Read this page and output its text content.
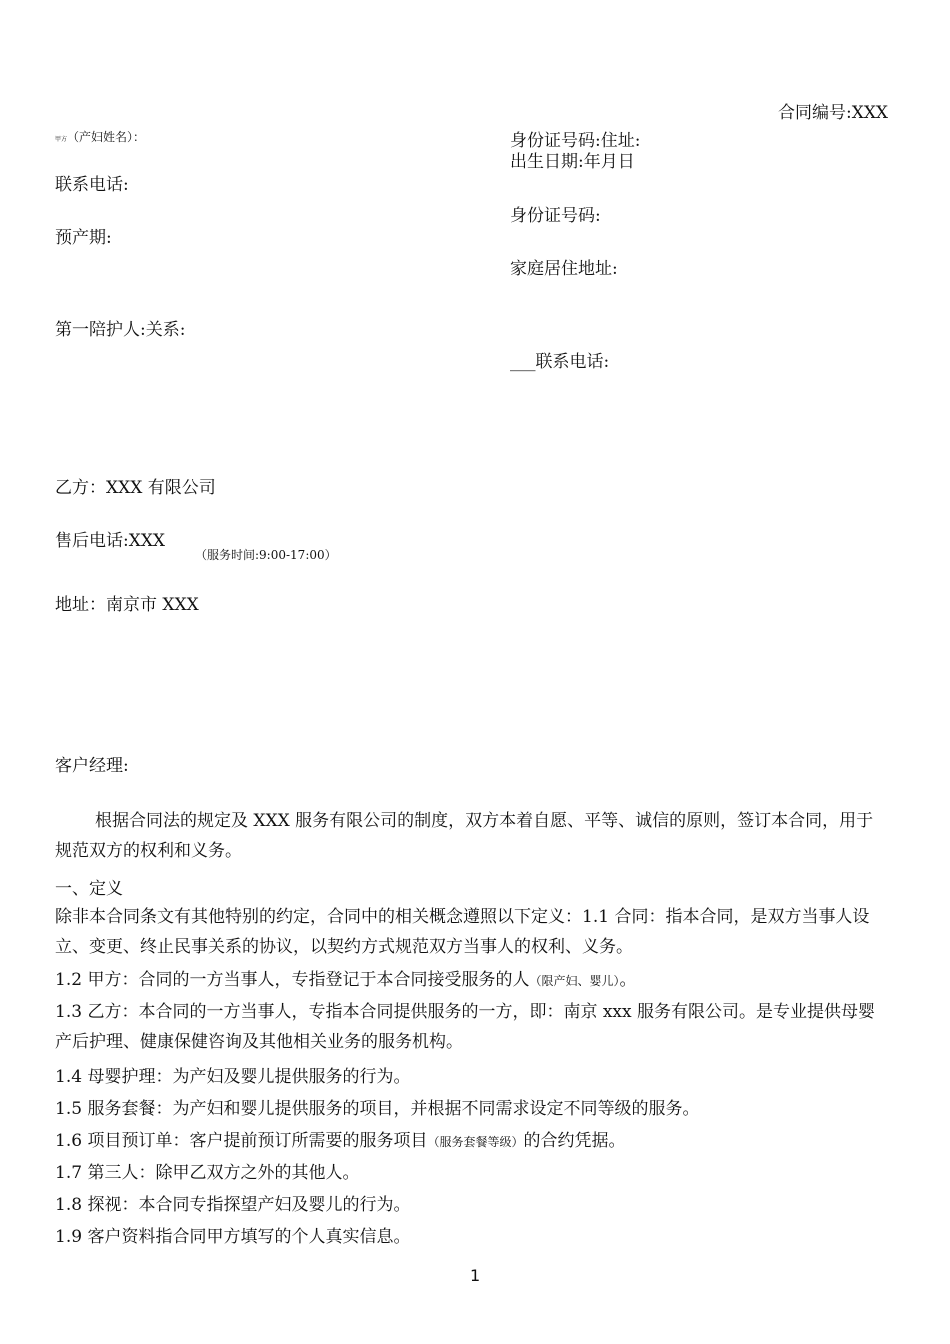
合同编号:XXX
甲方（产妇姓名）：	身份证号码:住址:
出生日期:年月日
联系电话:
身份证号码:
预产期:
家庭居住地址:
第一陪护人:关系:
___联系电话:
乙方：XXX 有限公司
售后电话:XXX
（服务时间:9:00-17:00）
地址：南京市 XXX
客户经理:
根据合同法的规定及 XXX 服务有限公司的制度，双方本着自愿、平等、诚信的原则，签订本合同，用于规范双方的权利和义务。
一、定义
除非本合同条文有其他特别的约定，合同中的相关概念遵照以下定义：1.1 合同：指本合同，是双方当事人设立、变更、终止民事关系的协议，以契约方式规范双方当事人的权利、义务。
1.2 甲方：合同的一方当事人，专指登记于本合同接受服务的人（限产妇、婴儿）。
1.3 乙方：本合同的一方当事人，专指本合同提供服务的一方，即：南京 xxx 服务有限公司。是专业提供母婴产后护理、健康保健咨询及其他相关业务的服务机构。
1.4 母婴护理：为产妇及婴儿提供服务的行为。
1.5 服务套餐：为产妇和婴儿提供服务的项目，并根据不同需求设定不同等级的服务。
1.6 项目预订单：客户提前预订所需要的服务项目（服务套餐等级）的合约凭据。
1.7 第三人：除甲乙双方之外的其他人。
1.8 探视：本合同专指探望产妇及婴儿的行为。
1.9 客户资料指合同甲方填写的个人真实信息。
1
